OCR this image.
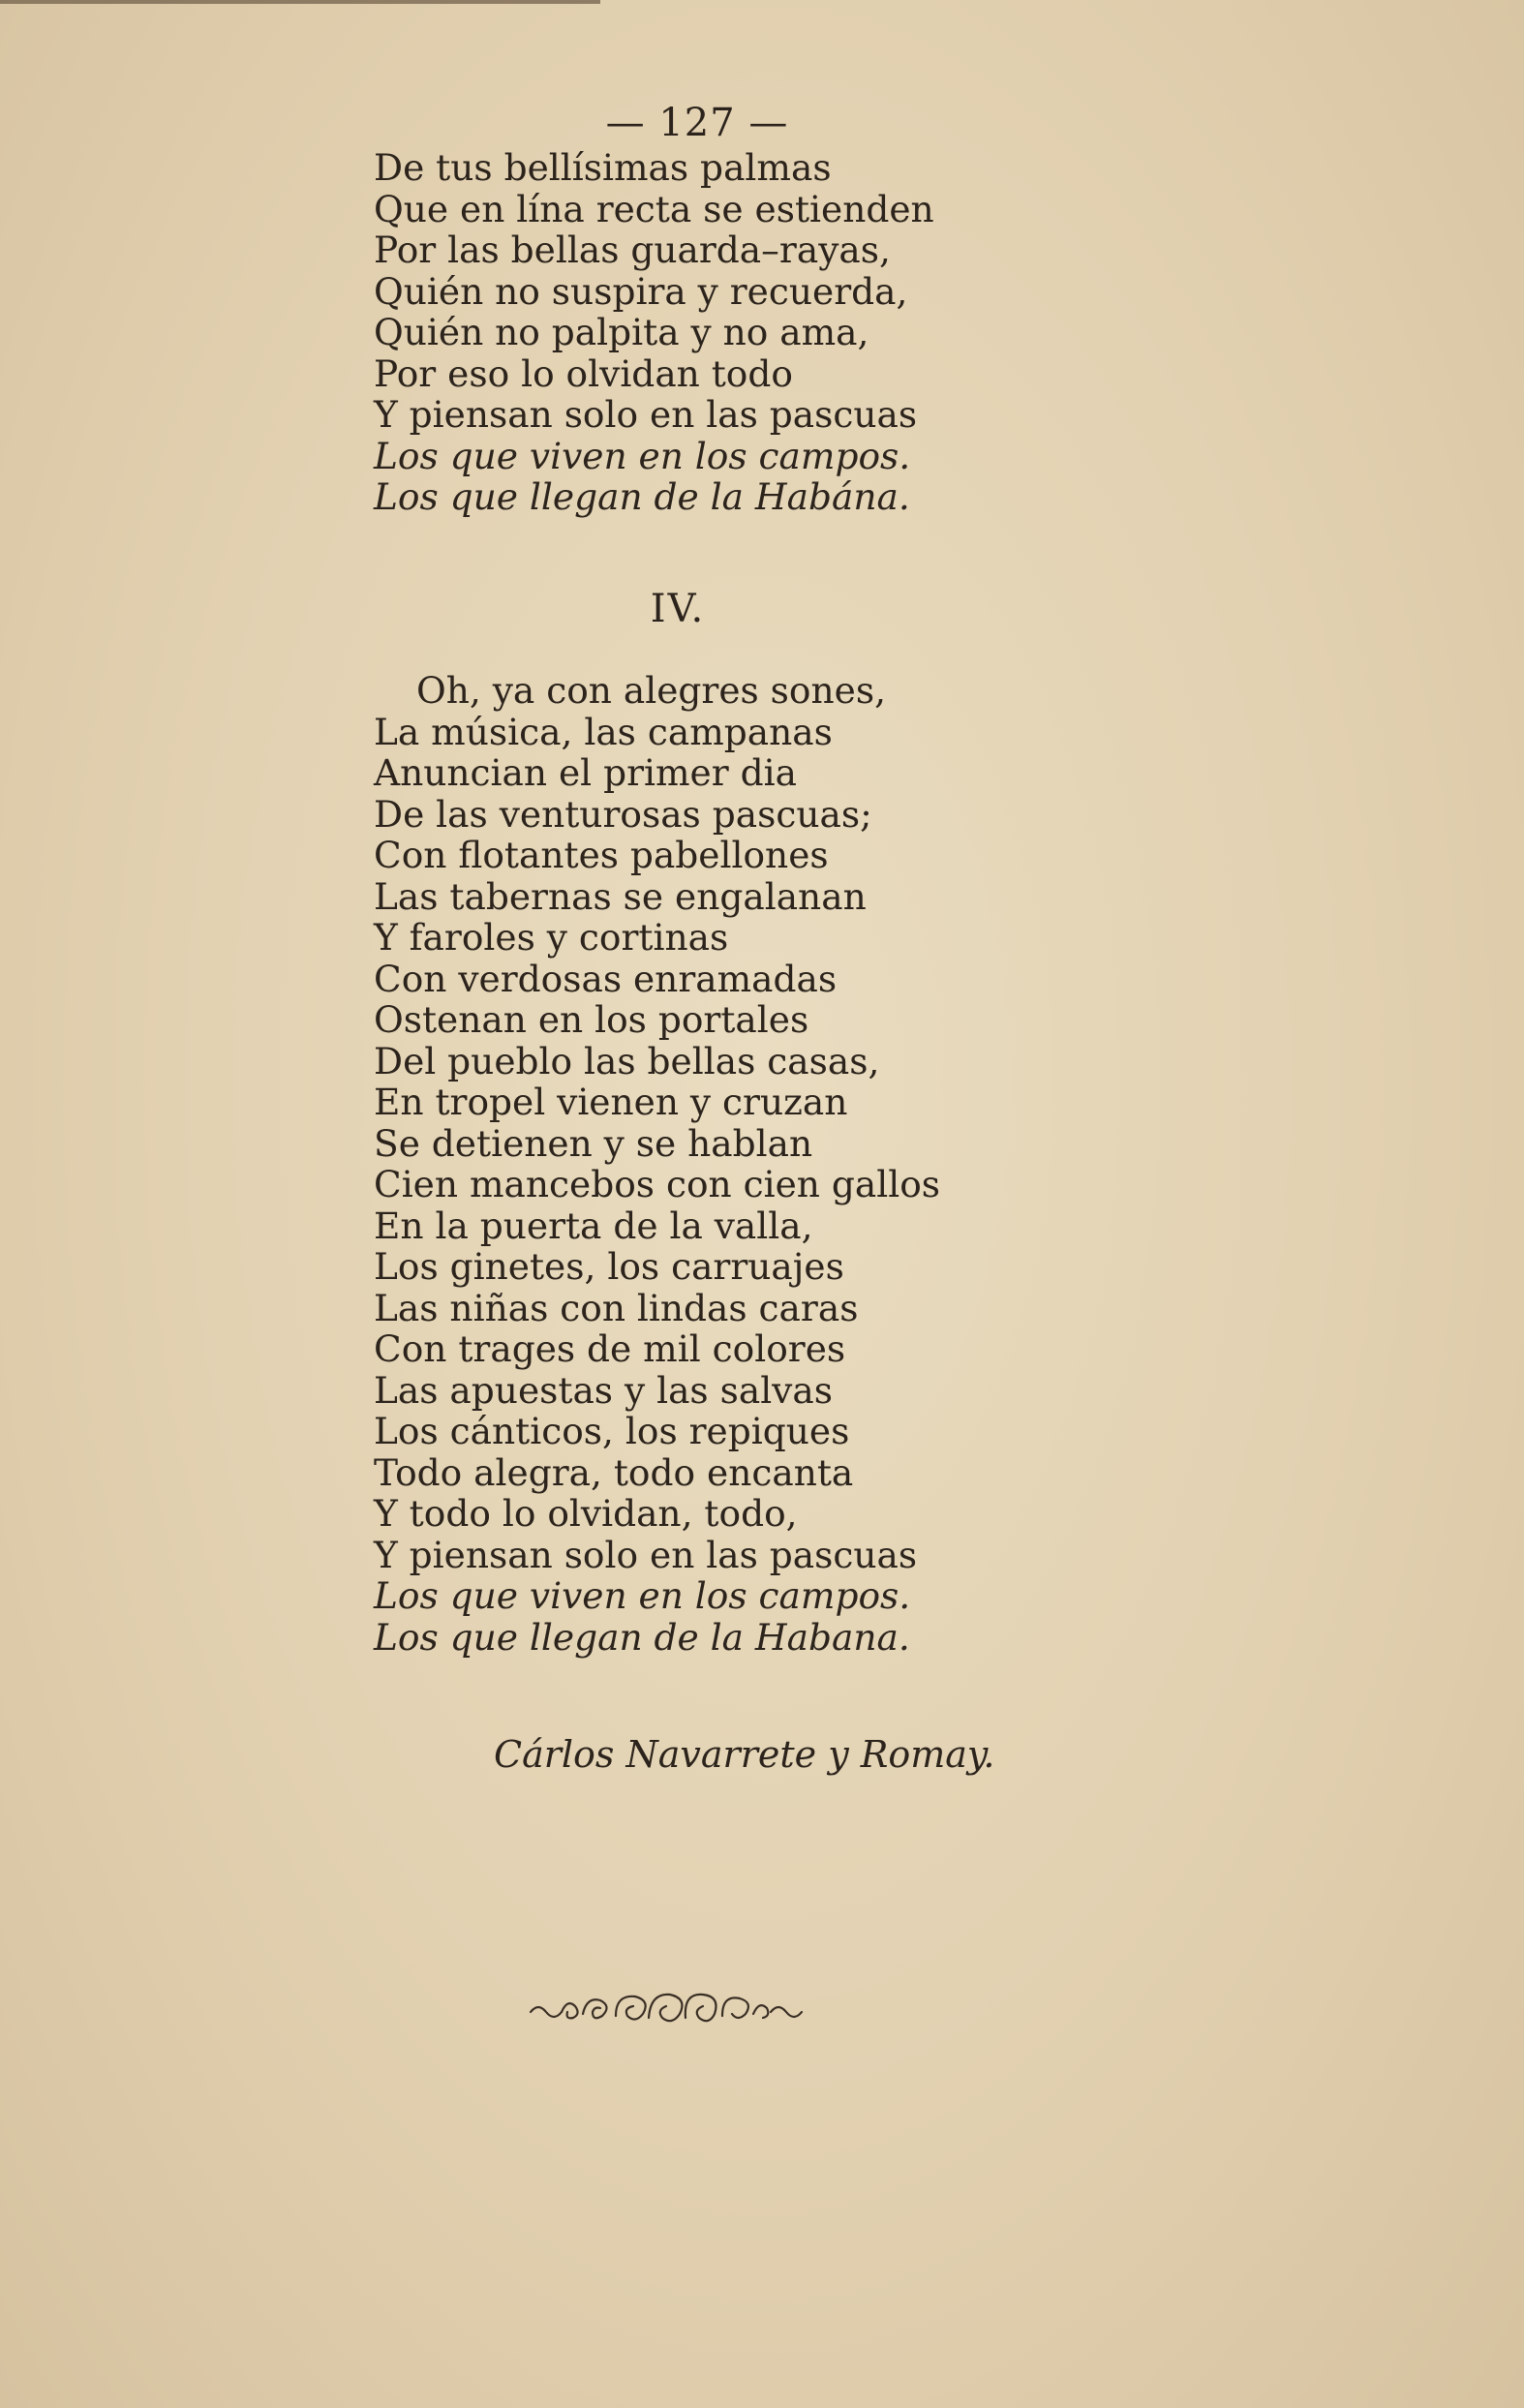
— 127 —
De tus bellísimas palmas
Que en lína recta se estienden
Por las bellas guarda–rayas,
Quién no suspira y recuerda,
Quién no palpita y no ama,
Por eso lo olvidan todo
Y piensan solo en las pascuas
Los que viven en los campos.
Los que llegan de la Habána.
IV.
Oh, ya con alegres sones,
La música, las campanas
Anuncian el primer dia
De las venturosas pascuas;
Con flotantes pabellones
Las tabernas se engalanan
Y faroles y cortinas
Con verdosas enramadas
Ostenan en los portales
Del pueblo las bellas casas,
En tropel vienen y cruzan
Se detienen y se hablan
Cien mancebos con cien gallos
En la puerta de la valla,
Los ginetes, los carruajes
Las niñas con lindas caras
Con trages de mil colores
Las apuestas y las salvas
Los cánticos, los repiques
Todo alegra, todo encanta
Y todo lo olvidan, todo,
Y piensan solo en las pascuas
Los que viven en los campos.
Los que llegan de la Habana.
Cárlos Navarrete y Romay.
